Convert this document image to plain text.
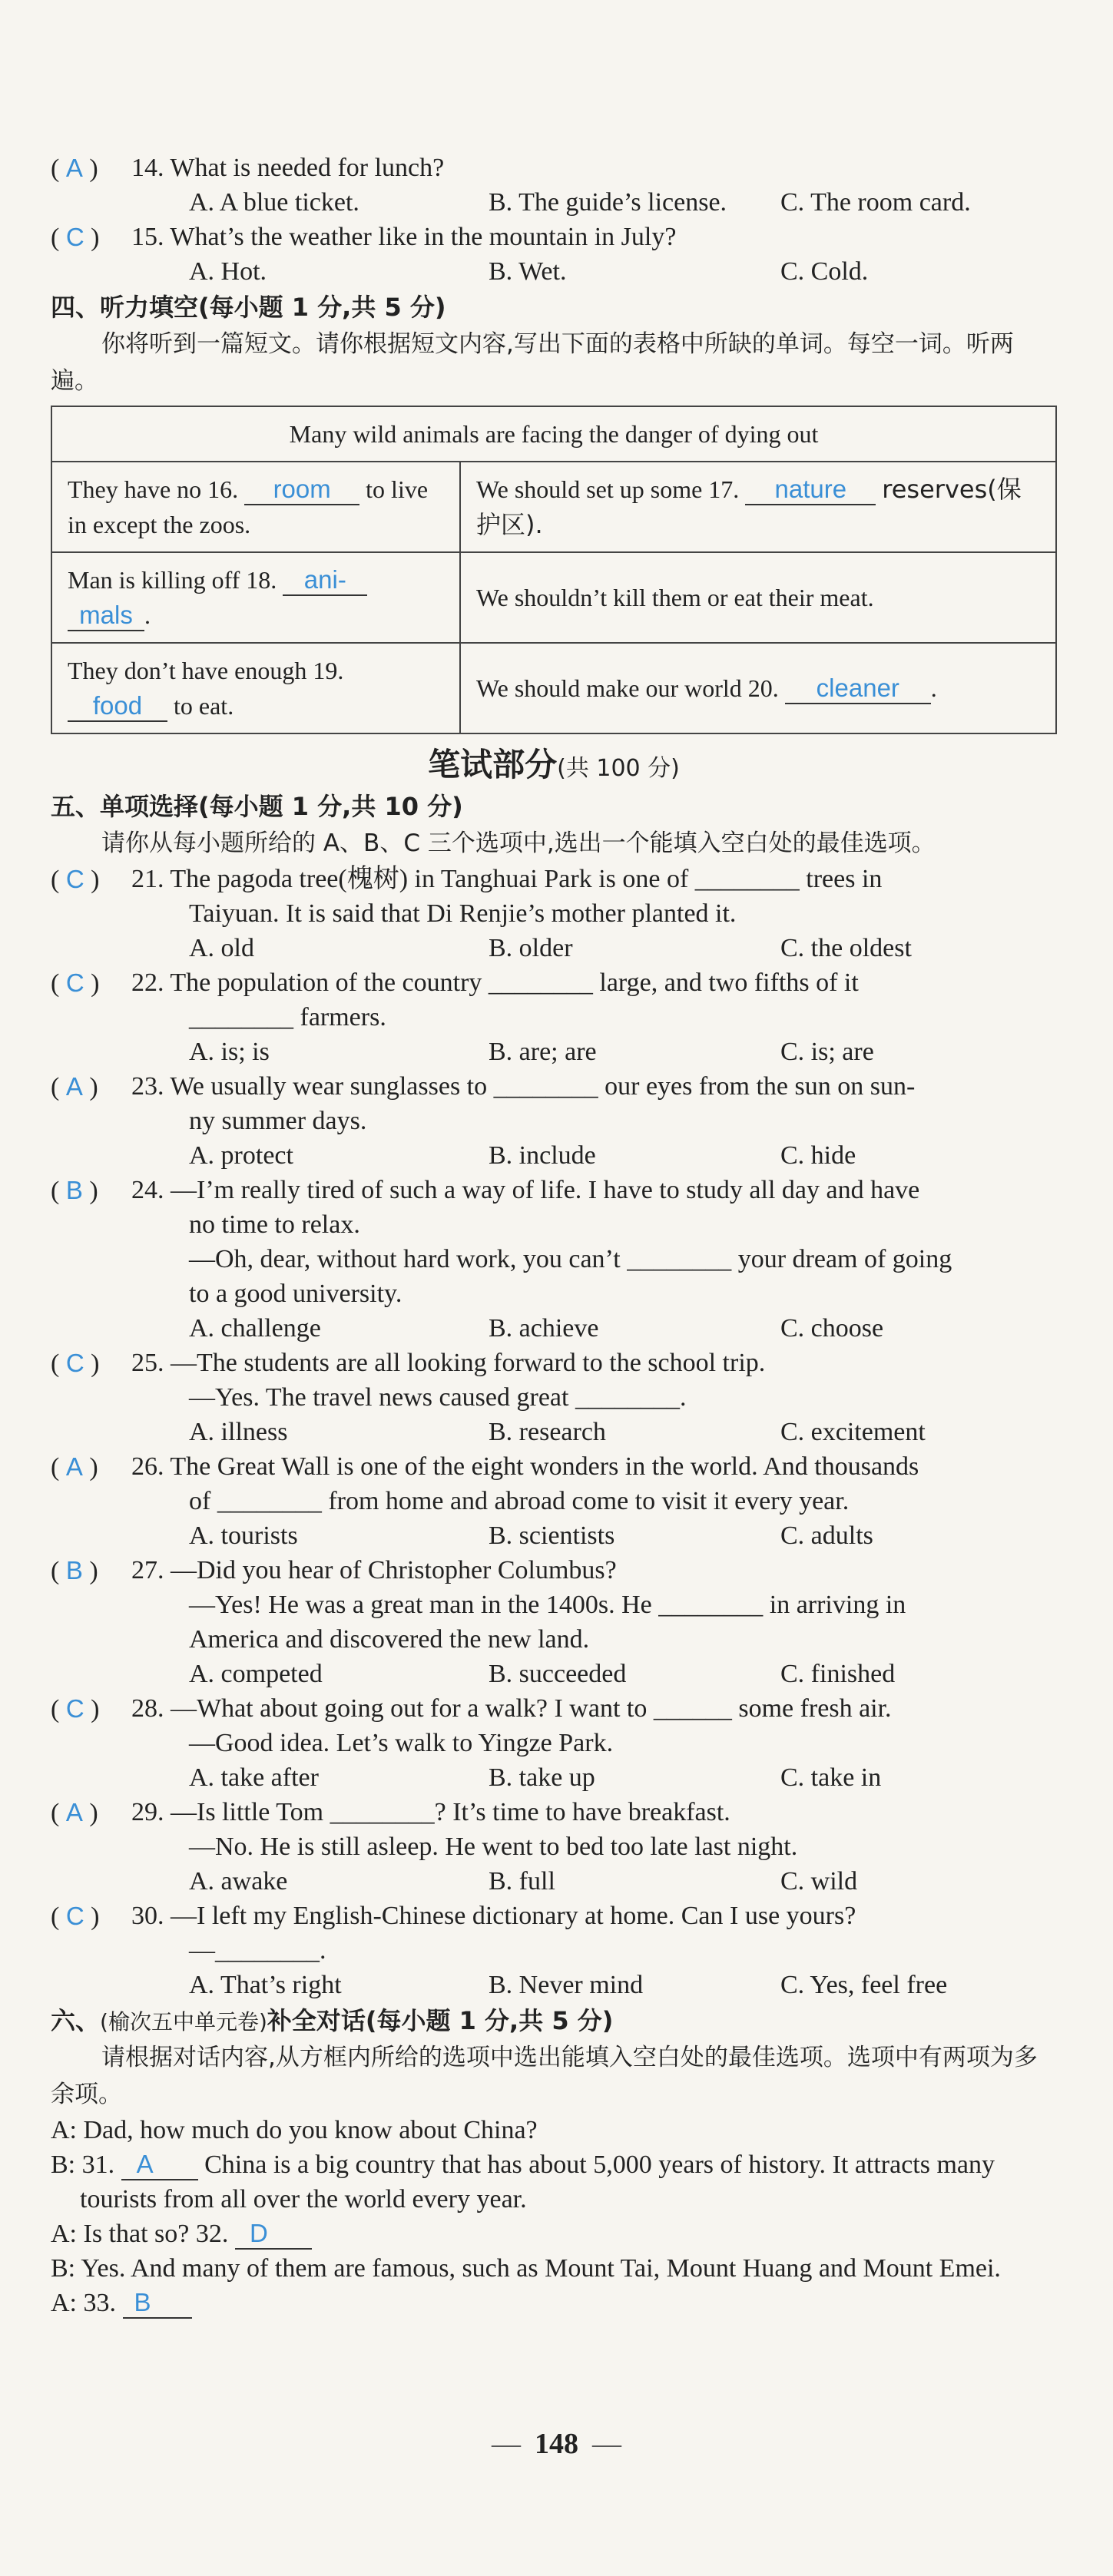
( A ) 14. What is needed for lunch?
A. A blue ticket.	B. The guide’s license. C. The room card.
( C ) 15. What’s the weather like in the mountain in July?
A. Hot.	B. Wet.	C. Cold.
四、听力填空(每小题 1 分,共 5 分)
你将听到一篇短文。请你根据短文内容,写出下面的表格中所缺的单词。每空一词。听两遍。
Many wild animals are facing the danger of dying out	
They have no 16. room to live in except the zoos.	We should set up some 17. nature reserves(保护区).
Man is killing off 18. ani-
mals .	We shouldn’t kill them or eat their meat.
They don’t have enough 19. food to eat.	We should make our world 20. cleaner .
笔试部分(共 100 分)
五、单项选择(每小题 1 分,共 10 分)
请你从每小题所给的 A、B、C 三个选项中,选出一个能填入空白处的最佳选项。
( C ) 21. The pagoda tree(槐树) in Tanghuai Park is one of ________ trees in
Taiyuan. It is said that Di Renjie’s mother planted it.
A. old	B. older	C. the oldest
( C ) 22. The population of the country ________ large, and two fifths of it
________ farmers.
A. is; is	B. are; are	C. is; are
( A ) 23. We usually wear sunglasses to ________ our eyes from the sun on sun-
ny summer days.
A. protect	B. include	C. hide
( B ) 24. —I’m really tired of such a way of life. I have to study all day and have
no time to relax.
—Oh, dear, without hard work, you can’t ________ your dream of going
to a good university.
A. challenge	B. achieve	C. choose
( C ) 25. —The students are all looking forward to the school trip.
—Yes. The travel news caused great ________.
A. illness	B. research	C. excitement
( A ) 26. The Great Wall is one of the eight wonders in the world. And thousands
of ________ from home and abroad come to visit it every year.
A. tourists	B. scientists	C. adults
( B ) 27. —Did you hear of Christopher Columbus?
—Yes! He was a great man in the 1400s. He ________ in arriving in
America and discovered the new land.
A. competed	B. succeeded	C. finished
( C ) 28. —What about going out for a walk? I want to ______ some fresh air.
—Good idea. Let’s walk to Yingze Park.
A. take after	B. take up	C. take in
( A ) 29. —Is little Tom ________? It’s time to have breakfast.
—No. He is still asleep. He went to bed too late last night.
A. awake	B. full	C. wild
( C ) 30. —I left my English-Chinese dictionary at home. Can I use yours?
—________.
A. That’s right	B. Never mind	C. Yes, feel free
六、(榆次五中单元卷)补全对话(每小题 1 分,共 5 分)
请根据对话内容,从方框内所给的选项中选出能填入空白处的最佳选项。选项中有两项为多余项。
A: Dad, how much do you know about China?
B: 31. A China is a big country that has about 5,000 years of history. It attracts many tourists from all over the world every year.
A: Is that so? 32. D
B: Yes. And many of them are famous, such as Mount Tai, Mount Huang and Mount Emei.
A: 33. B
— 148 —
